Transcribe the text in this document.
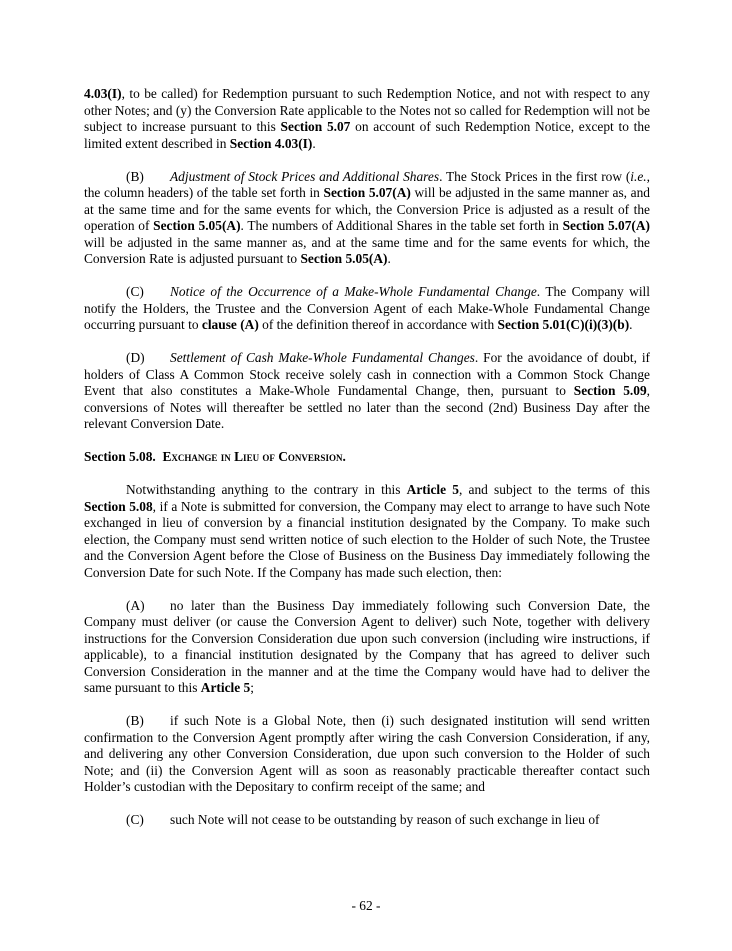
4.03(I), to be called) for Redemption pursuant to such Redemption Notice, and not with respect to any other Notes; and (y) the Conversion Rate applicable to the Notes not so called for Redemption will not be subject to increase pursuant to this Section 5.07 on account of such Redemption Notice, except to the limited extent described in Section 4.03(I).

(B) Adjustment of Stock Prices and Additional Shares. The Stock Prices in the first row (i.e., the column headers) of the table set forth in Section 5.07(A) will be adjusted in the same manner as, and at the same time and for the same events for which, the Conversion Price is adjusted as a result of the operation of Section 5.05(A). The numbers of Additional Shares in the table set forth in Section 5.07(A) will be adjusted in the same manner as, and at the same time and for the same events for which, the Conversion Rate is adjusted pursuant to Section 5.05(A).

(C) Notice of the Occurrence of a Make-Whole Fundamental Change. The Company will notify the Holders, the Trustee and the Conversion Agent of each Make-Whole Fundamental Change occurring pursuant to clause (A) of the definition thereof in accordance with Section 5.01(C)(i)(3)(b).

(D) Settlement of Cash Make-Whole Fundamental Changes. For the avoidance of doubt, if holders of Class A Common Stock receive solely cash in connection with a Common Stock Change Event that also constitutes a Make-Whole Fundamental Change, then, pursuant to Section 5.09, conversions of Notes will thereafter be settled no later than the second (2nd) Business Day after the relevant Conversion Date.

Section 5.08. Exchange in Lieu of Conversion.

Notwithstanding anything to the contrary in this Article 5, and subject to the terms of this Section 5.08, if a Note is submitted for conversion, the Company may elect to arrange to have such Note exchanged in lieu of conversion by a financial institution designated by the Company. To make such election, the Company must send written notice of such election to the Holder of such Note, the Trustee and the Conversion Agent before the Close of Business on the Business Day immediately following the Conversion Date for such Note. If the Company has made such election, then:

(A) no later than the Business Day immediately following such Conversion Date, the Company must deliver (or cause the Conversion Agent to deliver) such Note, together with delivery instructions for the Conversion Consideration due upon such conversion (including wire instructions, if applicable), to a financial institution designated by the Company that has agreed to deliver such Conversion Consideration in the manner and at the time the Company would have had to deliver the same pursuant to this Article 5;

(B) if such Note is a Global Note, then (i) such designated institution will send written confirmation to the Conversion Agent promptly after wiring the cash Conversion Consideration, if any, and delivering any other Conversion Consideration, due upon such conversion to the Holder of such Note; and (ii) the Conversion Agent will as soon as reasonably practicable thereafter contact such Holder’s custodian with the Depositary to confirm receipt of the same; and

(C) such Note will not cease to be outstanding by reason of such exchange in lieu of

- 62 -
